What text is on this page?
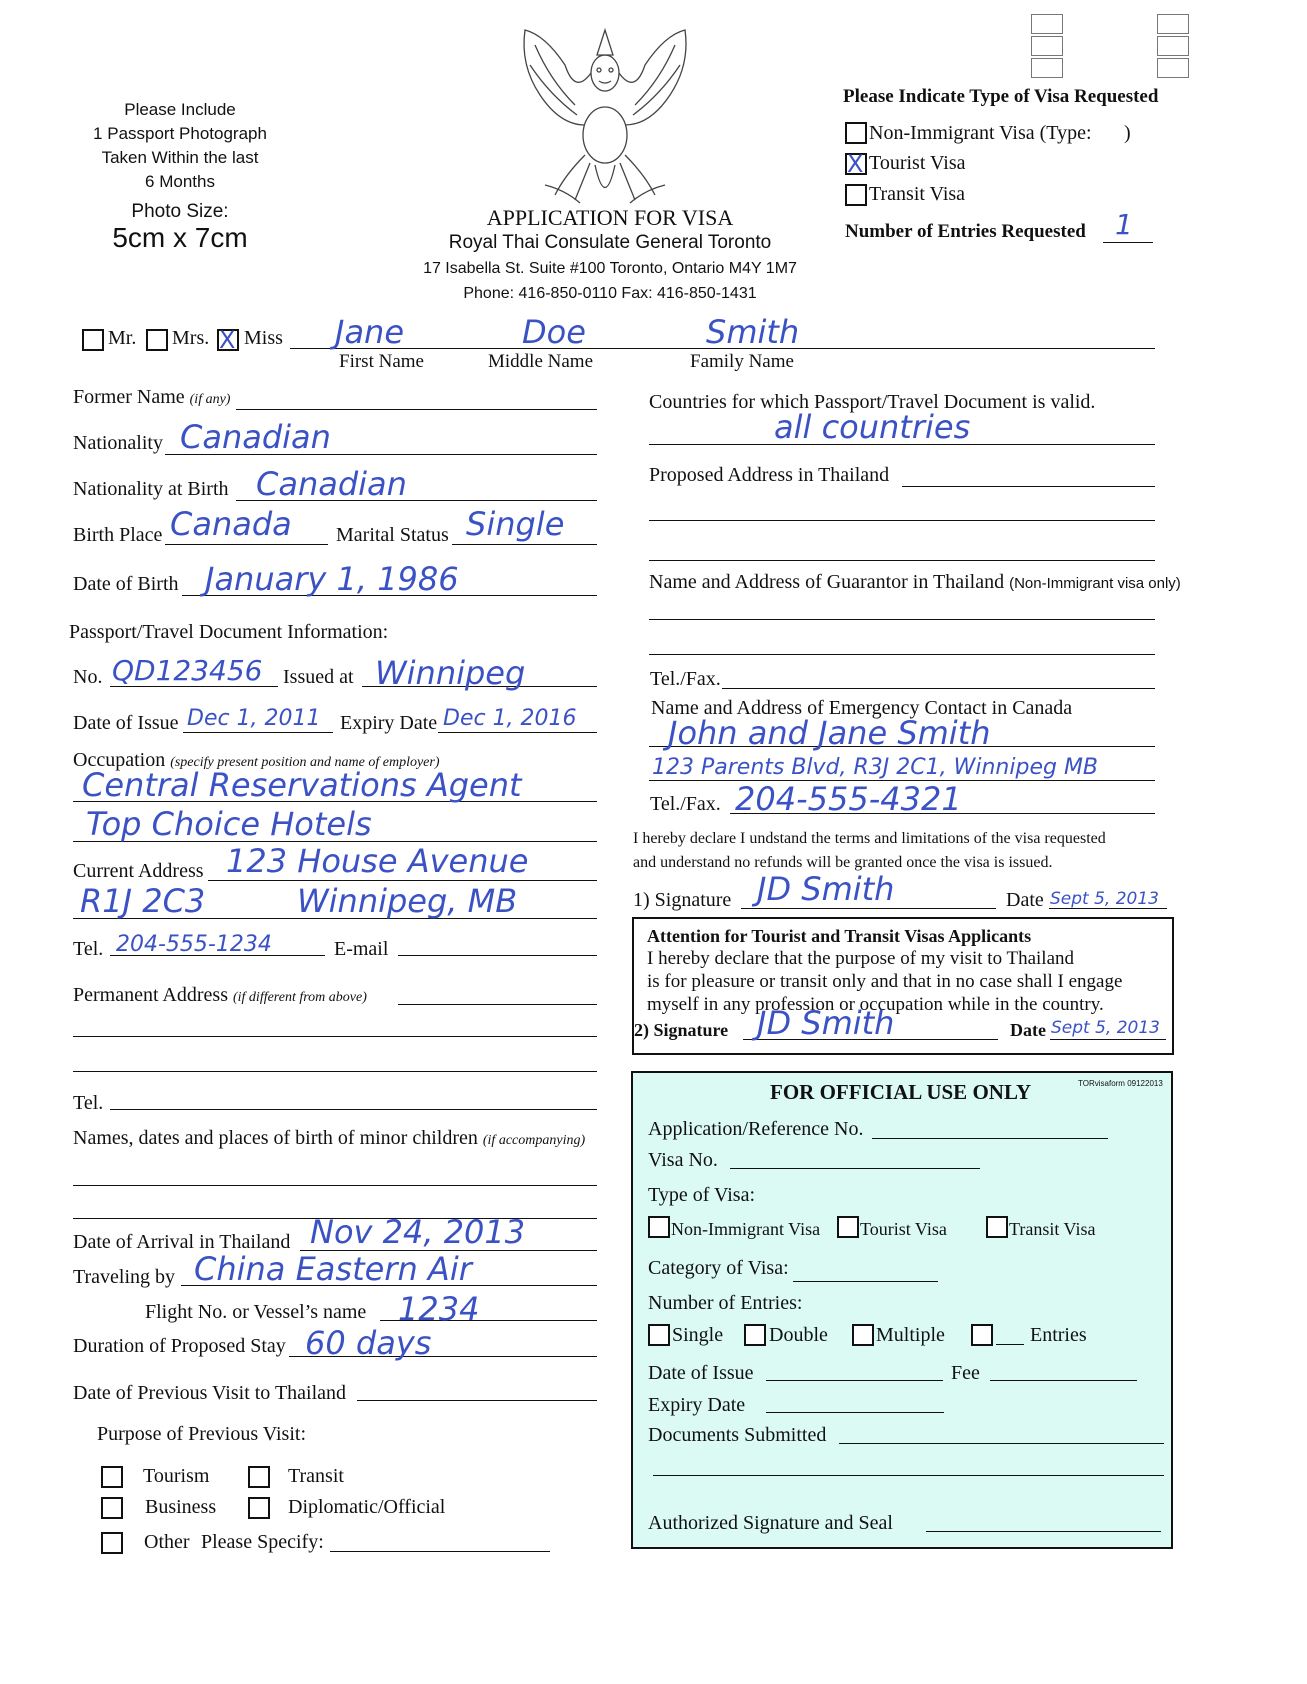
Please Include
1 Passport Photograph
Taken Within the last
6 Months
Photo Size:
5cm x 7cm
APPLICATION FOR VISA
Royal Thai Consulate General Toronto
17 Isabella St. Suite #100 Toronto, Ontario M4Y 1M7
Phone: 416-850-0110 Fax: 416-850-1431
Please Indicate Type of Visa Requested
Non-Immigrant Visa (Type: )
X
Tourist Visa
Transit Visa
Number of Entries Requested 1
Mr. Mrs.
X Miss Jane	Doe	Smith
First Name	Middle Name	Family Name
Former Name (if any)
Nationality Canadian
Nationality at Birth Canadian
Birth Place Canada Marital Status Single
Date of Birth January 1, 1986
Passport/Travel Document Information:
No. QD123456 Issued at Winnipeg
Date of Issue Dec 1, 2011 Expiry Date Dec 1, 2016
Occupation (specify present position and name of employer)
Central Reservations Agent
Top Choice Hotels
Current Address 123 House Avenue
R1J 2C3	Winnipeg, MB
Tel. 204-555-1234	E-mail
Permanent Address (if different from above)
Tel.
Names, dates and places of birth of minor children (if accompanying)
Date of Arrival in Thailand Nov 24, 2013
Traveling by China Eastern Air
Flight No. or Vessel’s name 1234
Duration of Proposed Stay 60 days
Date of Previous Visit to Thailand
Purpose of Previous Visit:
Tourism	Transit
Business	Diplomatic/Official
Other Please Specify:
Countries for which Passport/Travel Document is valid.
all countries
Proposed Address in Thailand
Name and Address of Guarantor in Thailand (Non-Immigrant visa only)
Tel./Fax.
Name and Address of Emergency Contact in Canada
John and Jane Smith
123 Parents Blvd, R3J 2C1, Winnipeg MB
Tel./Fax. 204-555-4321
I hereby declare I undstand the terms and limitations of the visa requested
and understand no refunds will be granted once the visa is issued.
1) Signature JD Smith	Date Sept 5, 2013
Attention for Tourist and Transit Visas Applicants
I hereby declare that the purpose of my visit to Thailand
is for pleasure or transit only and that in no case shall I engage
myself in any profession or occupation while in the country.
2) Signature JD Smith	Date Sept 5, 2013
FOR OFFICIAL USE ONLY	TORvisaform 09122013
Application/Reference No.
Visa No.
Type of Visa:
Non-Immigrant Visa Tourist Visa	Transit Visa
Category of Visa:
Number of Entries:
Single Double Multiple	Entries
Date of Issue	Fee
Expiry Date
Documents Submitted
Authorized Signature and Seal
